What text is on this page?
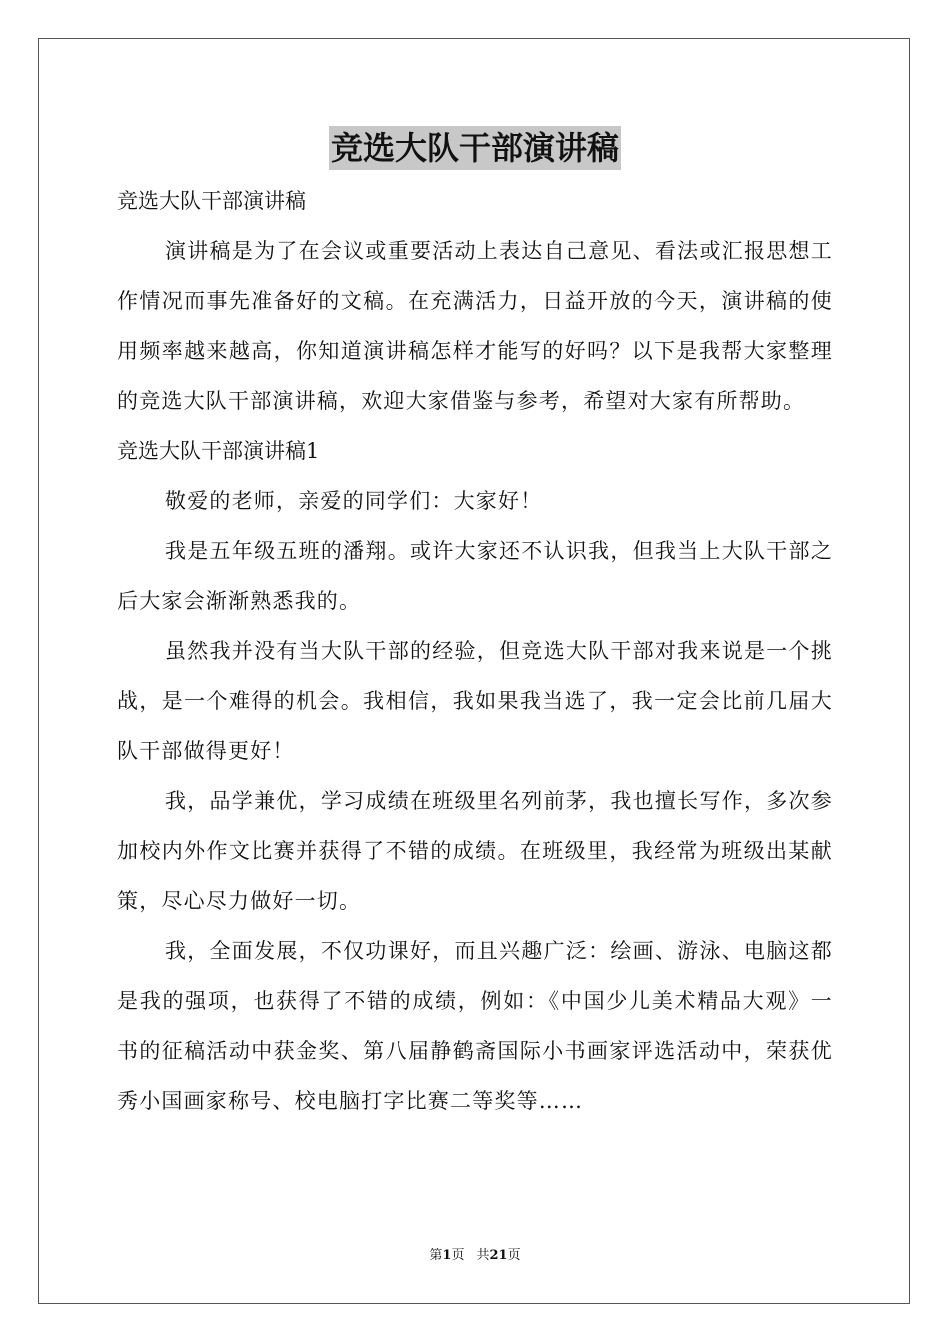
竞选大队干部演讲稿

竞选大队干部演讲稿

演讲稿是为了在会议或重要活动上表达自己意见、看法或汇报思想工作情况而事先准备好的文稿。在充满活力，日益开放的今天，演讲稿的使用频率越来越高，你知道演讲稿怎样才能写的好吗？以下是我帮大家整理的竞选大队干部演讲稿，欢迎大家借鉴与参考，希望对大家有所帮助。

竞选大队干部演讲稿1

敬爱的老师，亲爱的同学们：大家好！

我是五年级五班的潘翔。或许大家还不认识我，但我当上大队干部之后大家会渐渐熟悉我的。

虽然我并没有当大队干部的经验，但竞选大队干部对我来说是一个挑战，是一个难得的机会。我相信，我如果我当选了，我一定会比前几届大队干部做得更好！

我，品学兼优，学习成绩在班级里名列前茅，我也擅长写作，多次参加校内外作文比赛并获得了不错的成绩。在班级里，我经常为班级出某献策，尽心尽力做好一切。

我，全面发展，不仅功课好，而且兴趣广泛：绘画、游泳、电脑这都是我的强项，也获得了不错的成绩，例如：《中国少儿美术精品大观》一书的征稿活动中获金奖、第八届静鹤斋国际小书画家评选活动中，荣获优秀小国画家称号、校电脑打字比赛二等奖等……

第1页 共21页
